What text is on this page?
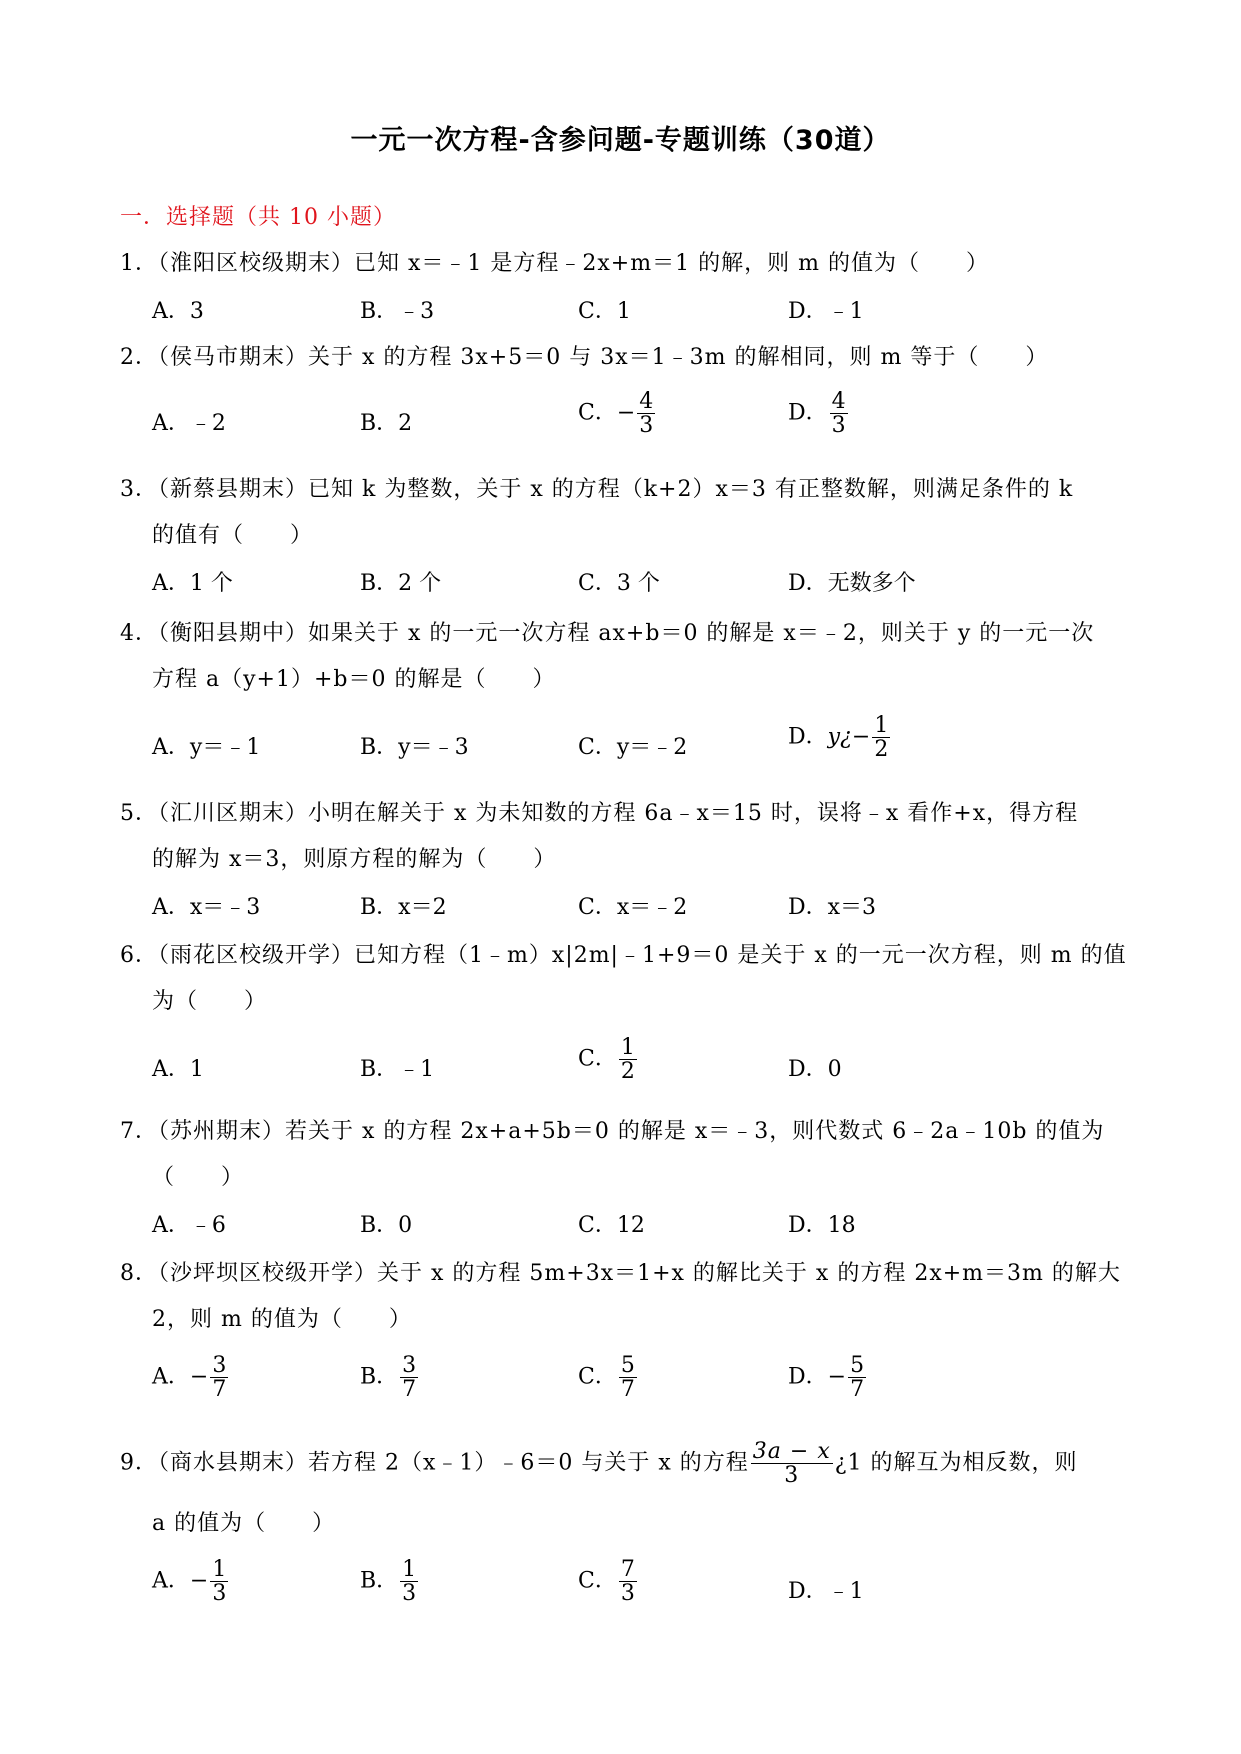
一元一次方程-含参问题-专题训练（30道）
一．选择题（共 10 小题）
1．（淮阳区校级期末）已知 x＝﹣1 是方程﹣2x+m＝1 的解，则 m 的值为（　　）
A．3	B．﹣3	C．1	D．﹣1
2．（侯马市期末）关于 x 的方程 3x+5＝0 与 3x＝1﹣3m 的解相同，则 m 等于（　　）
A．﹣2	B．2	C．− $\frac{4}{3}$	D． $\frac{4}{3}$
3．（新蔡县期末）已知 k 为整数，关于 x 的方程（k+2）x＝3 有正整数解，则满足条件的 k
的值有（　　）
A．1 个	B．2 个	C．3 个	D．无数多个
4．（衡阳县期中）如果关于 x 的一元一次方程 ax+b＝0 的解是 x＝﹣2，则关于 y 的一元一次
方程 a（y+1）+b＝0 的解是（　　）
A．y＝﹣1	B．y＝﹣3	C．y＝﹣2	D．y¿− $\frac{1}{2}$
5．（汇川区期末）小明在解关于 x 为未知数的方程 6a﹣x＝15 时，误将﹣x 看作+x，得方程
的解为 x＝3，则原方程的解为（　　）
A．x＝﹣3	B．x＝2	C．x＝﹣2	D．x＝3
6．（雨花区校级开学）已知方程（1﹣m）x|2m|﹣1+9＝0 是关于 x 的一元一次方程，则 m 的值
为（　　）
A．1	B．﹣1	C． $\frac{1}{2}$	D．0
7．（苏州期末）若关于 x 的方程 2x+a+5b＝0 的解是 x＝﹣3，则代数式 6﹣2a﹣10b 的值为
（　　）
A．﹣6	B．0	C．12	D．18
8．（沙坪坝区校级开学）关于 x 的方程 5m+3x＝1+x 的解比关于 x 的方程 2x+m＝3m 的解大
2，则 m 的值为（　　）
A．− $\frac{3}{7}$	B． $\frac{3}{7}$	C． $\frac{5}{7}$	D．− $\frac{5}{7}$
9．（商水县期末）若方程 2（x﹣1）﹣6＝0 与关于 x 的方程 $\frac{3a - x}{3}$ ¿1 的解互为相反数，则
a 的值为（　　）
A．− $\frac{1}{3}$	B． $\frac{1}{3}$	C． $\frac{7}{3}$	D．﹣1
